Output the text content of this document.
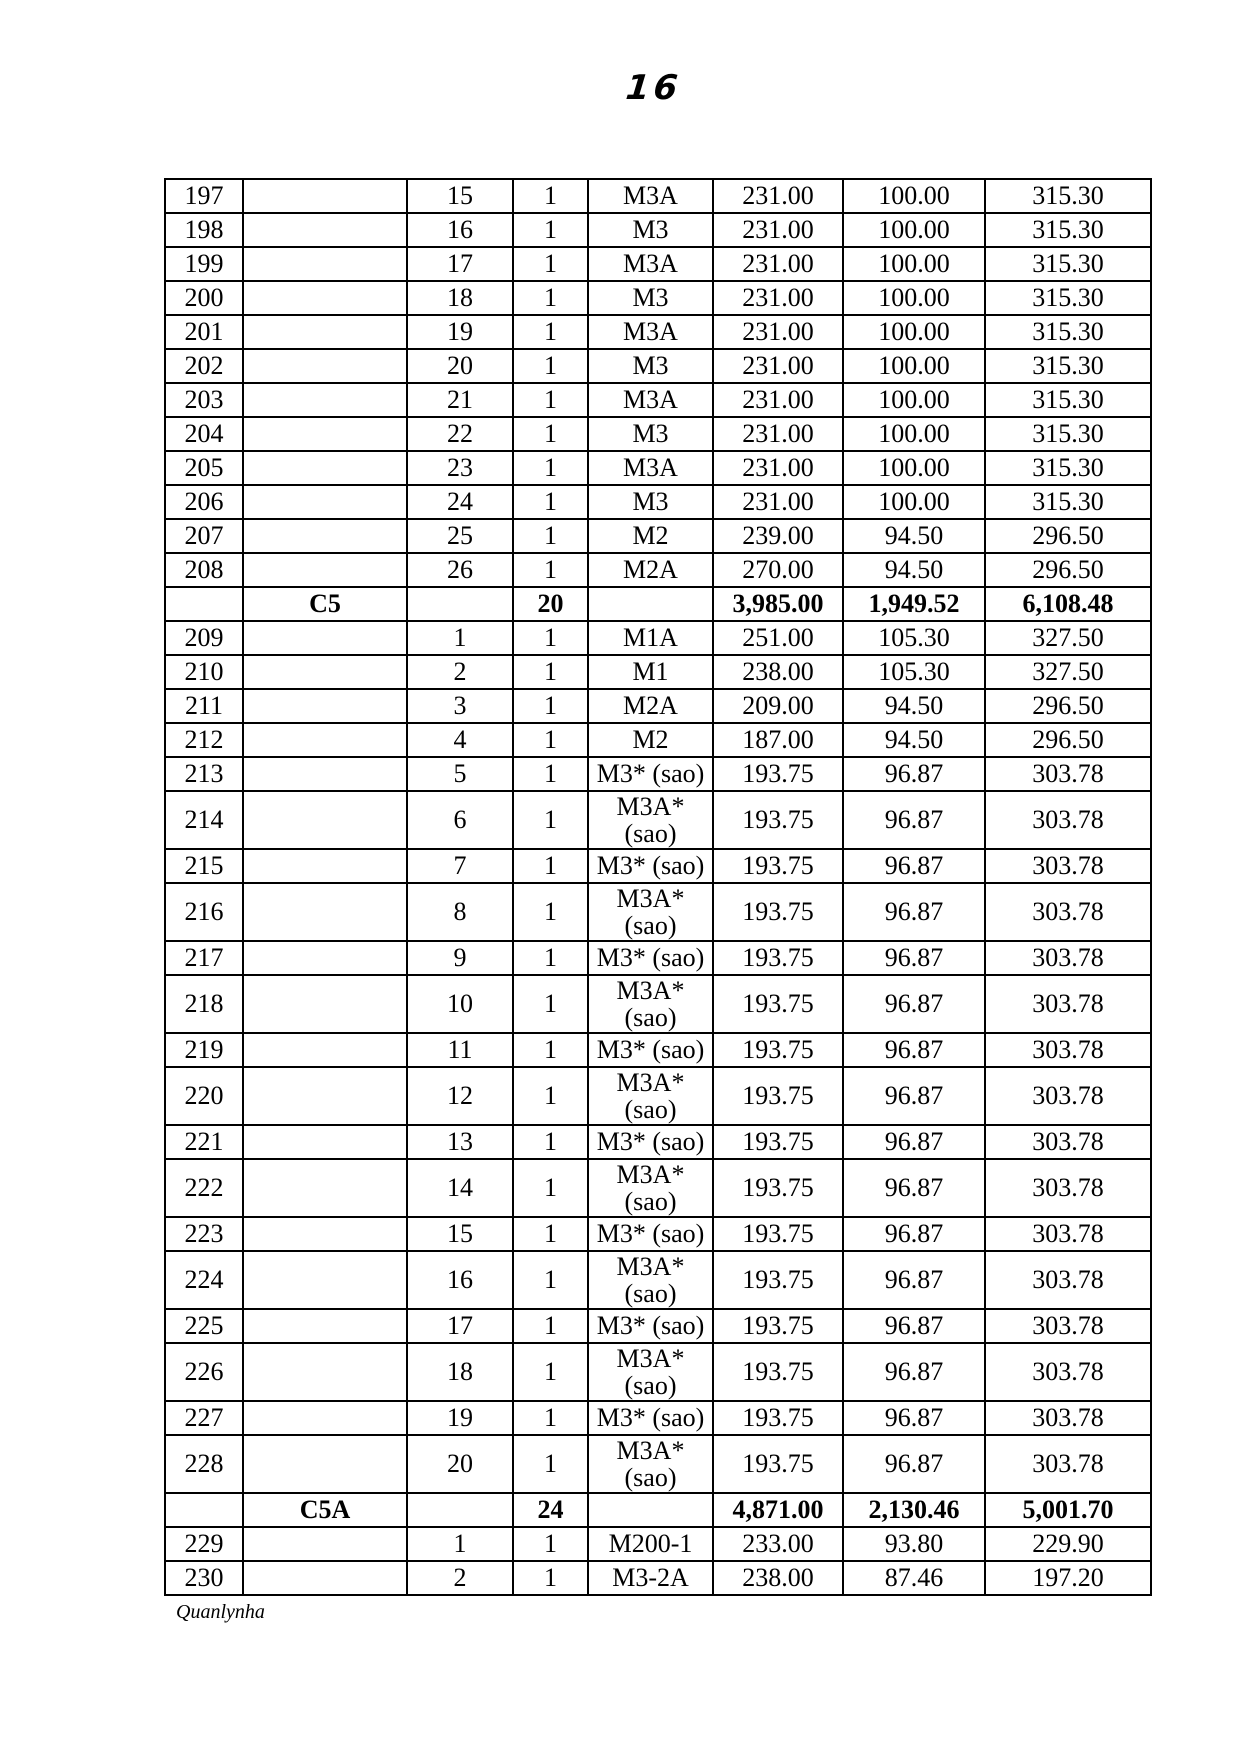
16
197		15	1	M3A	231.00	100.00	315.30
198		16	1	M3	231.00	100.00	315.30
199		17	1	M3A	231.00	100.00	315.30
200		18	1	M3	231.00	100.00	315.30
201		19	1	M3A	231.00	100.00	315.30
202		20	1	M3	231.00	100.00	315.30
203		21	1	M3A	231.00	100.00	315.30
204		22	1	M3	231.00	100.00	315.30
205		23	1	M3A	231.00	100.00	315.30
206		24	1	M3	231.00	100.00	315.30
207		25	1	M2	239.00	94.50	296.50
208		26	1	M2A	270.00	94.50	296.50
	C5		20		3,985.00	1,949.52	6,108.48
209		1	1	M1A	251.00	105.30	327.50
210		2	1	M1	238.00	105.30	327.50
211		3	1	M2A	209.00	94.50	296.50
212		4	1	M2	187.00	94.50	296.50
213		5	1	M3* (sao)	193.75	96.87	303.78
214		6	1	M3A*
(sao)	193.75	96.87	303.78
215		7	1	M3* (sao)	193.75	96.87	303.78
216		8	1	M3A*
(sao)	193.75	96.87	303.78
217		9	1	M3* (sao)	193.75	96.87	303.78
218		10	1	M3A*
(sao)	193.75	96.87	303.78
219		11	1	M3* (sao)	193.75	96.87	303.78
220		12	1	M3A*
(sao)	193.75	96.87	303.78
221		13	1	M3* (sao)	193.75	96.87	303.78
222		14	1	M3A*
(sao)	193.75	96.87	303.78
223		15	1	M3* (sao)	193.75	96.87	303.78
224		16	1	M3A*
(sao)	193.75	96.87	303.78
225		17	1	M3* (sao)	193.75	96.87	303.78
226		18	1	M3A*
(sao)	193.75	96.87	303.78
227		19	1	M3* (sao)	193.75	96.87	303.78
228		20	1	M3A*
(sao)	193.75	96.87	303.78
	C5A		24		4,871.00	2,130.46	5,001.70
229		1	1	M200-1	233.00	93.80	229.90
230		2	1	M3-2A	238.00	87.46	197.20
Quanlynha
